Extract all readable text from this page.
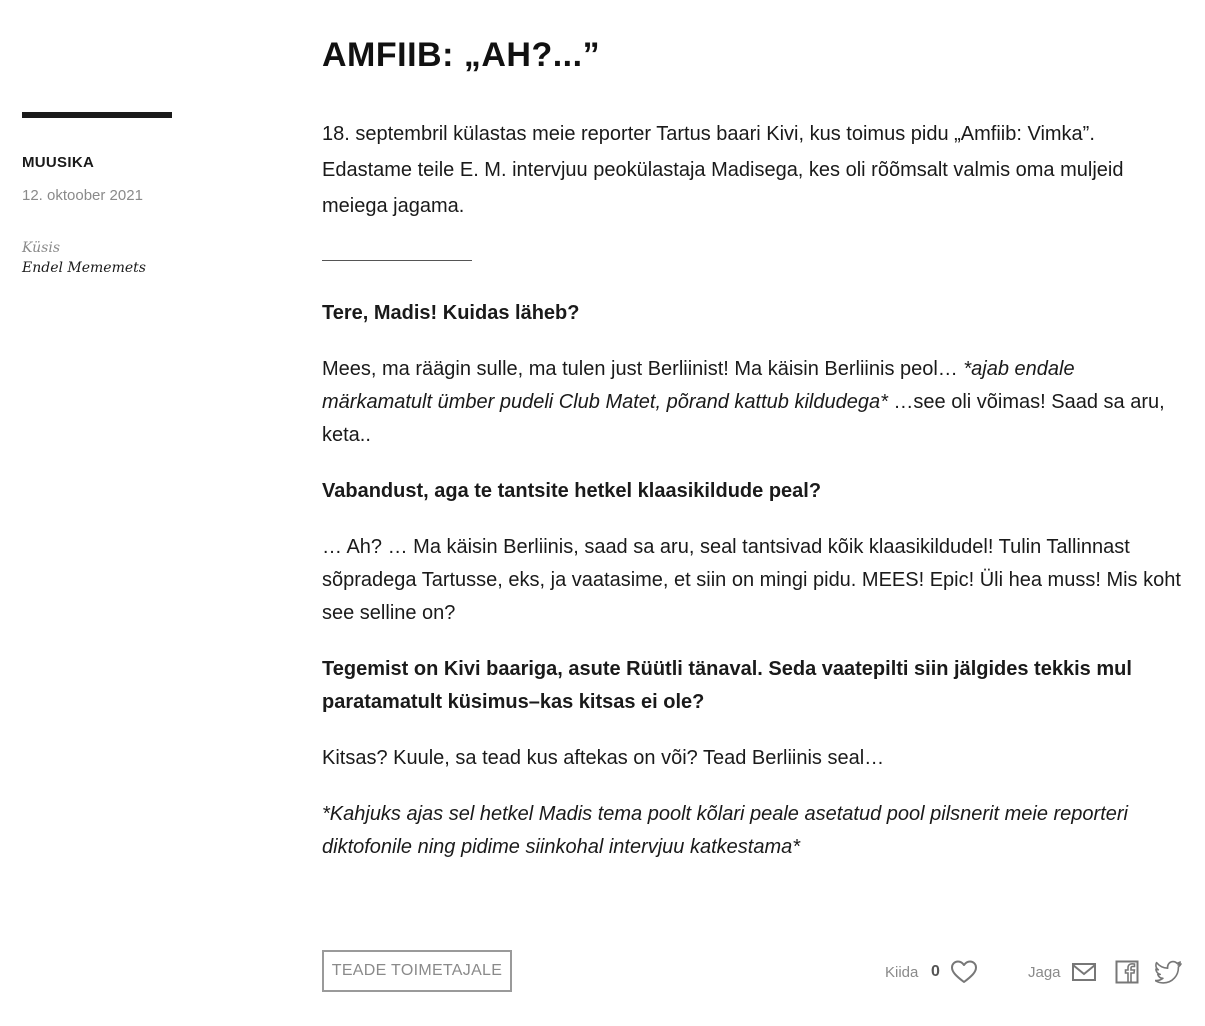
MUUSIKA
12. oktoober 2021
Küsis
Endel Mememets
AMFIIB: „AH?...”

18. septembril külastas meie reporter Tartus baari Kivi, kus toimus pidu „Amfiib: Vimka”. Edastame teile E. M. intervjuu peokülastaja Madisega, kes oli rõõmsalt valmis oma muljeid meiega jagama.

Tere, Madis! Kuidas läheb?

Mees, ma räägin sulle, ma tulen just Berliinist! Ma käisin Berliinis peol… *ajab endale märkamatult ümber pudeli Club Matet, põrand kattub kildudega* …see oli võimas! Saad sa aru, keta..

Vabandust, aga te tantsite hetkel klaasikildude peal?

… Ah? … Ma käisin Berliinis, saad sa aru, seal tantsivad kõik klaasikildudel! Tulin Tallinnast sõpradega Tartusse, eks, ja vaatasime, et siin on mingi pidu. MEES! Epic! Üli hea muss! Mis koht see selline on?

Tegemist on Kivi baariga, asute Rüütli tänaval. Seda vaatepilti siin jälgides tekkis mul paratamatult küsimus–kas kitsas ei ole?

Kitsas? Kuule, sa tead kus aftekas on või? Tead Berliinis seal…

*Kahjuks ajas sel hetkel Madis tema poolt kõlari peale asetatud pool pilsnerit meie reporteri diktofonile ning pidime siinkohal intervjuu katkestama*

TEADE TOIMETAJALE	Kiida 0	Jaga
